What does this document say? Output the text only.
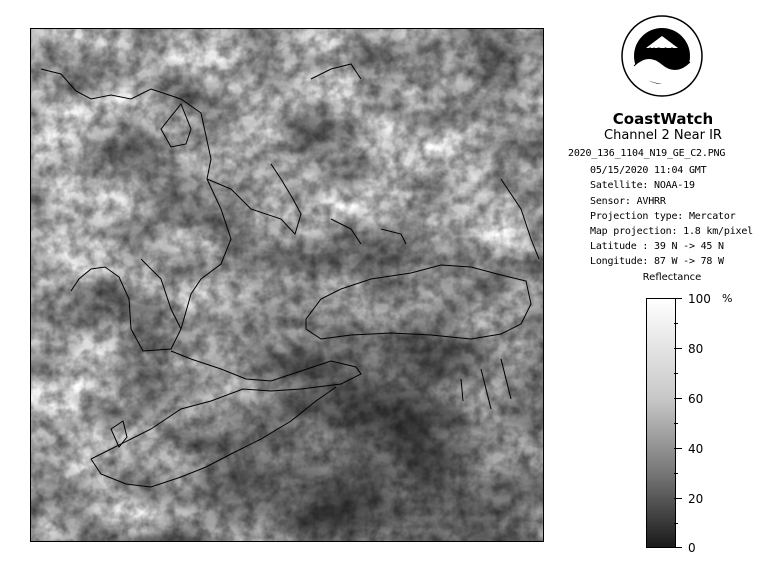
NOAA
CoastWatch
Channel 2 Near IR
2020_136_1104_N19_GE_C2.PNG
05/15/2020 11:04 GMT
Satellite: NOAA-19
Sensor: AVHRR
Projection type: Mercator
Map projection: 1.8 km/pixel
Latitude : 39 N -> 45 N
Longitude: 87 W -> 78 W
Reflectance
%
100
80
60
40
20
0
